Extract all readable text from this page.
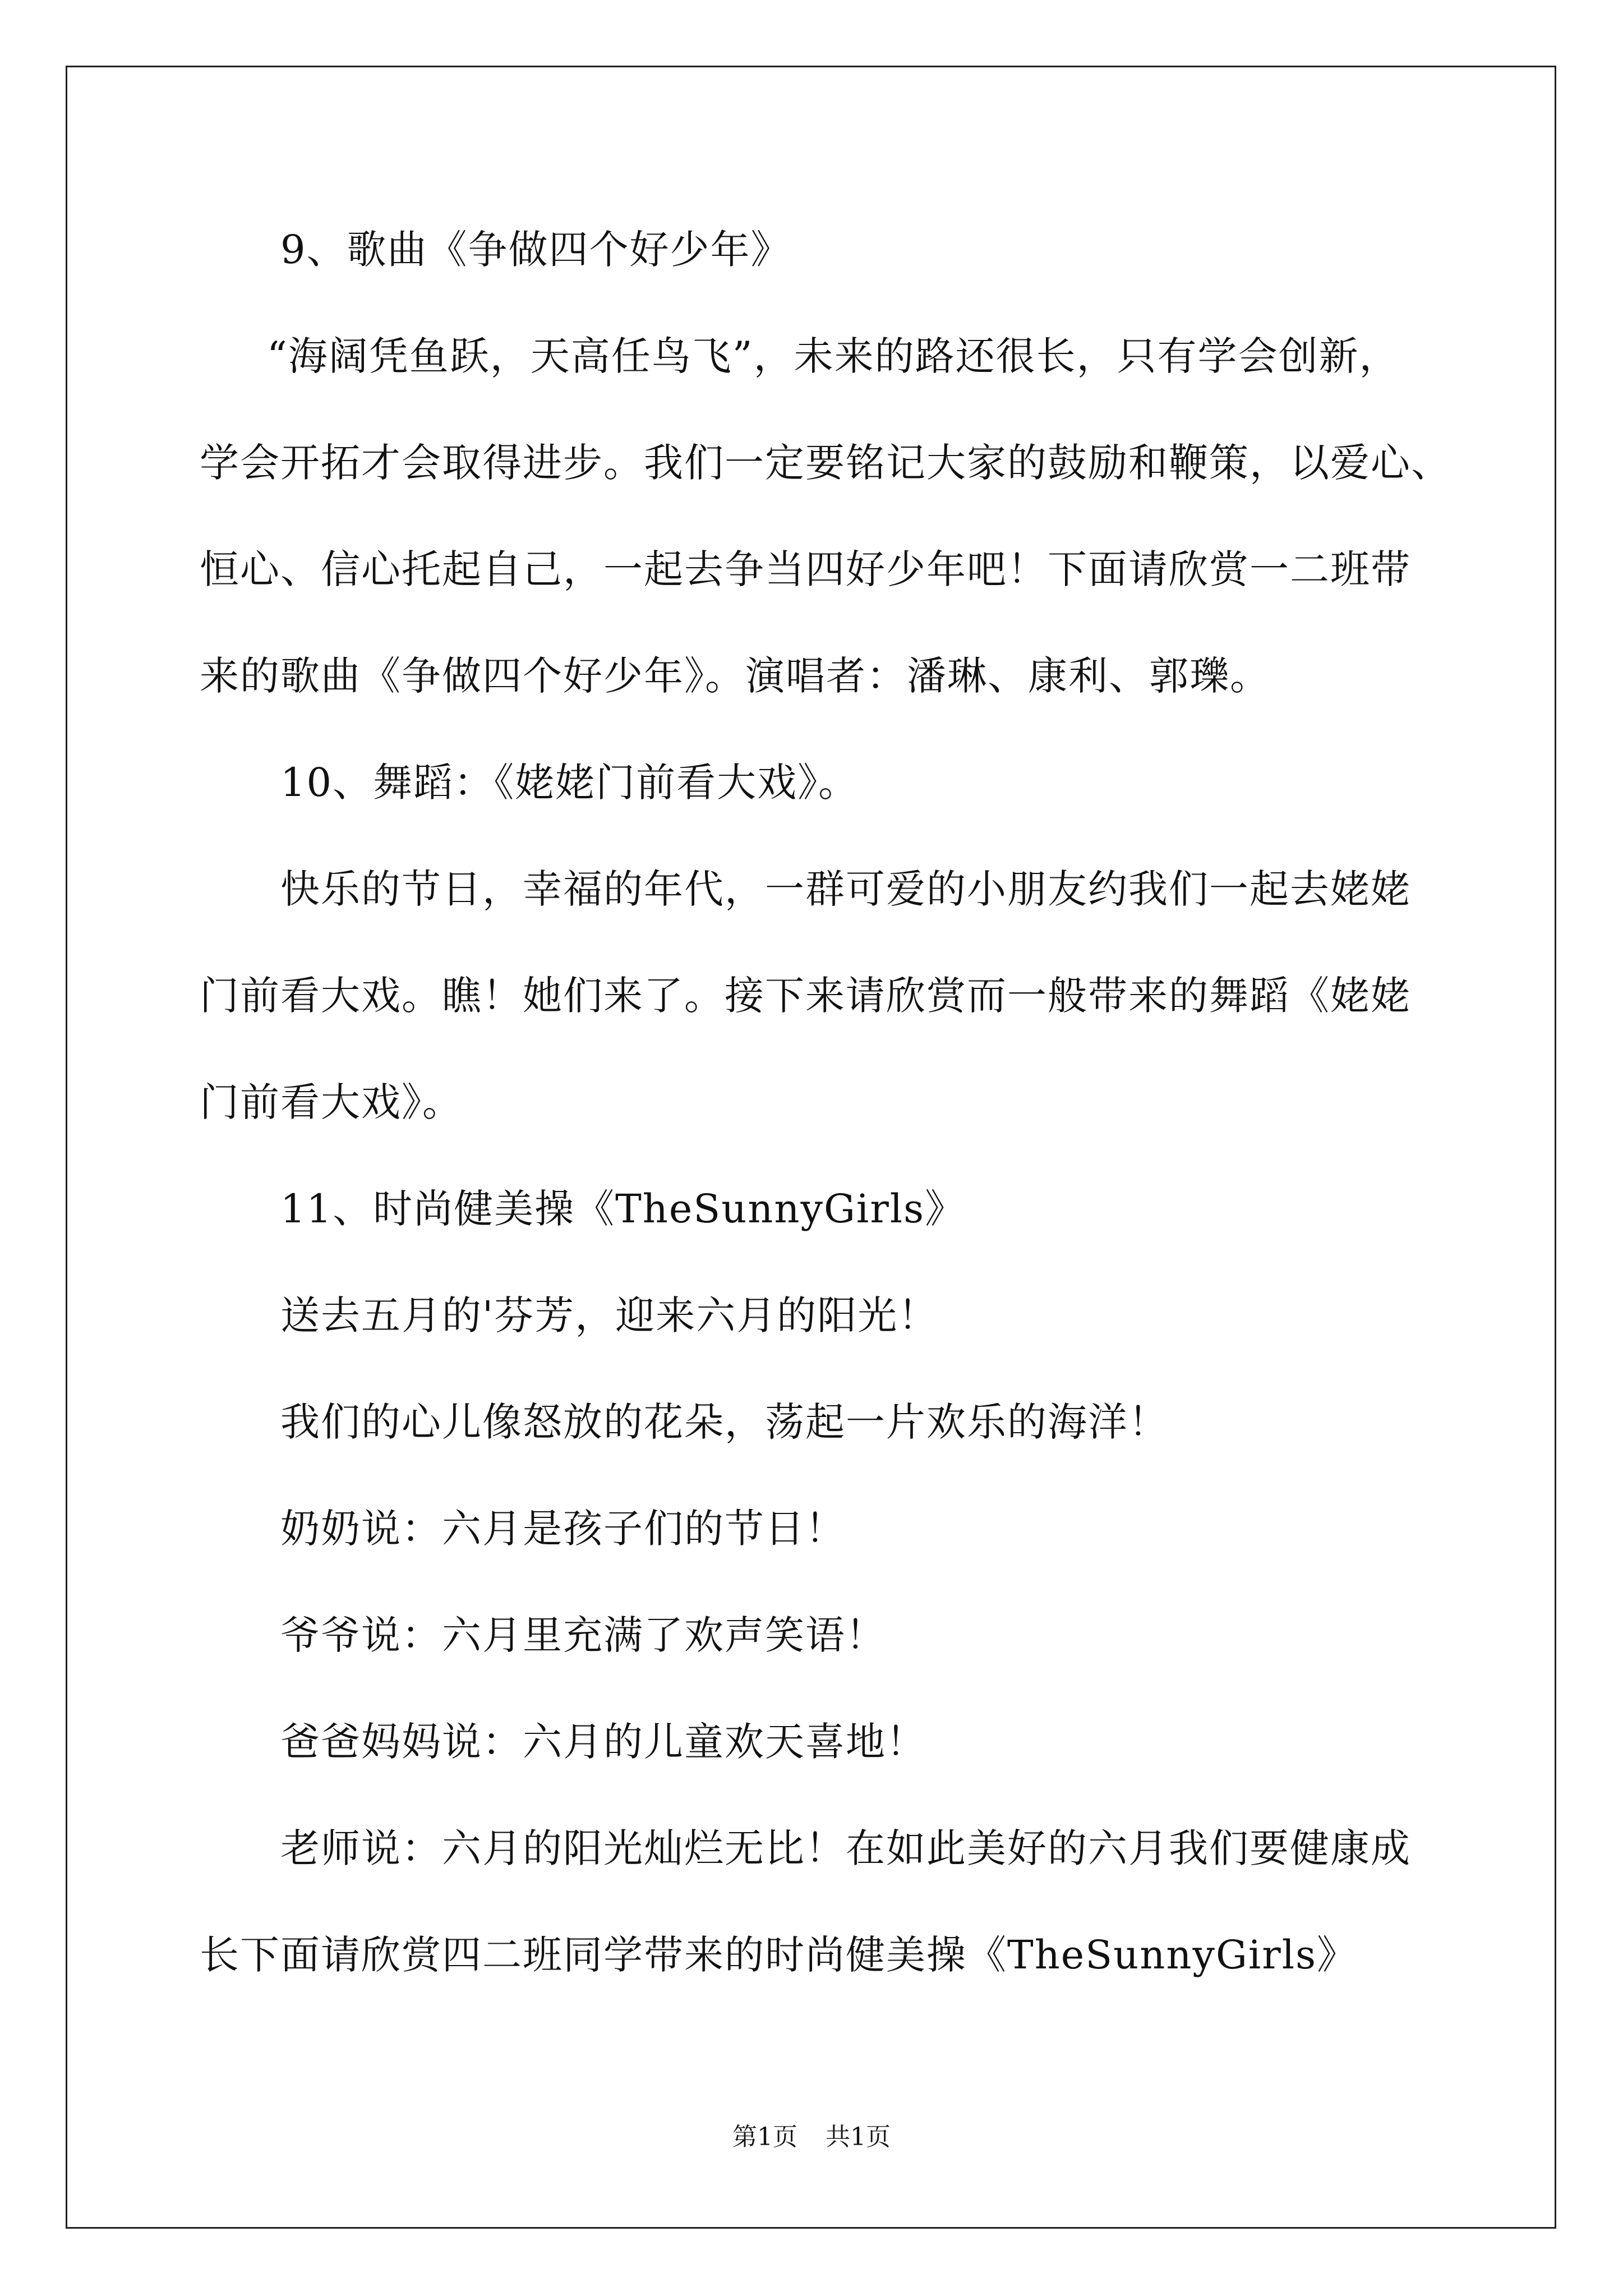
9、歌曲《争做四个好少年》
“海阔凭鱼跃，天高任鸟飞”，未来的路还很长，只有学会创新，
学会开拓才会取得进步。我们一定要铭记大家的鼓励和鞭策，以爱心、
恒心、信心托起自己，一起去争当四好少年吧！下面请欣赏一二班带
来的歌曲《争做四个好少年》。演唱者：潘琳、康利、郭瓅。
10、舞蹈：《姥姥门前看大戏》。
快乐的节日，幸福的年代，一群可爱的小朋友约我们一起去姥姥
门前看大戏。瞧！她们来了。接下来请欣赏而一般带来的舞蹈《姥姥
门前看大戏》。
11、时尚健美操《TheSunnyGirls》
送去五月的'芬芳，迎来六月的阳光！
我们的心儿像怒放的花朵，荡起一片欢乐的海洋！
奶奶说：六月是孩子们的节日！
爷爷说：六月里充满了欢声笑语！
爸爸妈妈说：六月的儿童欢天喜地！
老师说：六月的阳光灿烂无比！在如此美好的六月我们要健康成
长下面请欣赏四二班同学带来的时尚健美操《TheSunnyGirls》
第1页 共1页
